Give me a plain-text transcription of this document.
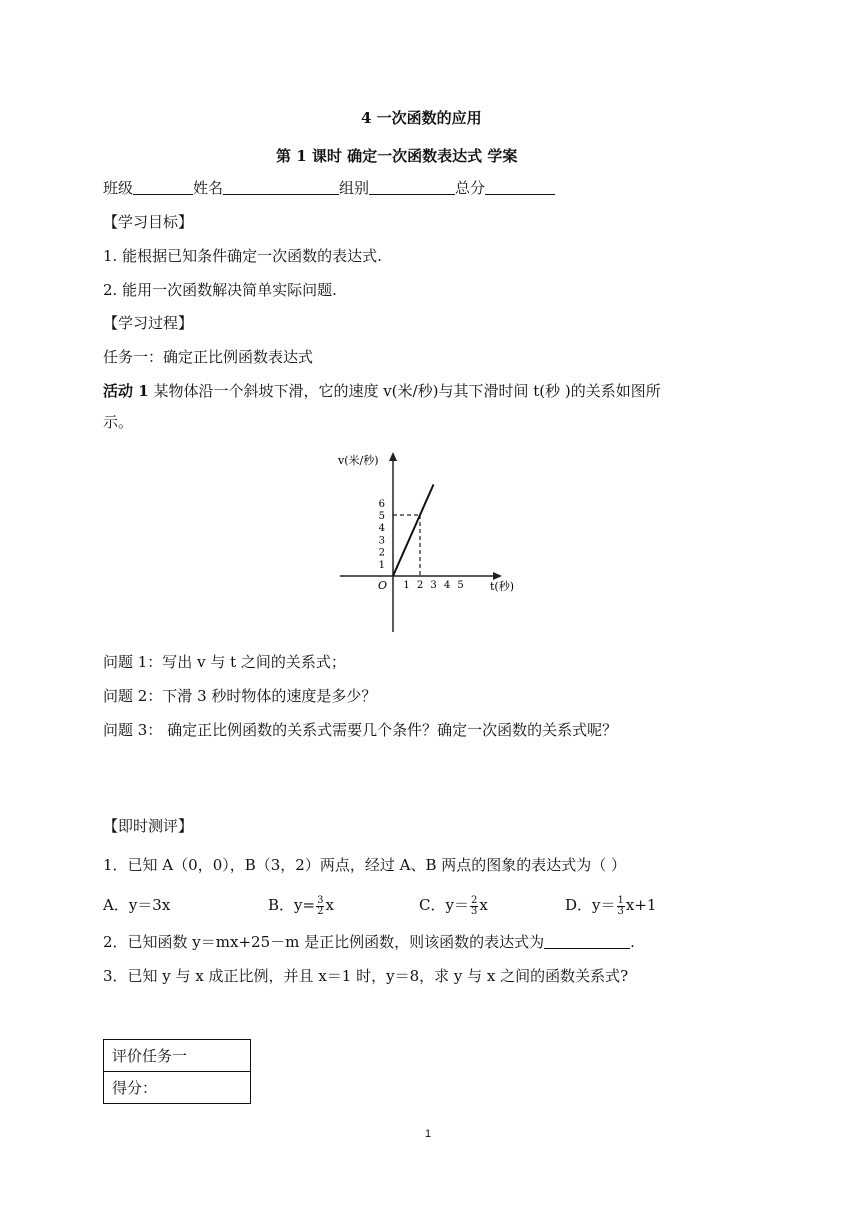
4 一次函数的应用
第 1 课时 确定一次函数表达式 学案
班级	姓名	组别	总分
【学习目标】
1. 能根据已知条件确定一次函数的表达式.
2. 能用一次函数解决简单实际问题.
【学习过程】
任务一：确定正比例函数表达式
活动 1 某物体沿一个斜坡下滑，它的速度 v(米/秒)与其下滑时间 t(秒 )的关系如图所
示。
v(米/秒)
t(秒)
O
1
2
3
4
5
6
1 2 3 4 5
问题 1：写出 v 与 t 之间的关系式；
问题 2：下滑 3 秒时物体的速度是多少？
问题 3： 确定正比例函数的关系式需要几个条件？确定一次函数的关系式呢？
【即时测评】
1．已知 A（0，0），B（3，2）两点，经过 A、B 两点的图象的表达式为（ ）
A．y＝3x	B．$y= \frac{3}{2}$ x	C．$y= \frac{2}{3}$ x	D．$y= \frac{1}{3} x+1$
2．已知函数 y＝mx+25－m 是正比例函数，则该函数的表达式为	.
3．已知 y 与 x 成正比例，并且 x＝1 时，y＝8，求 y 与 x 之间的函数关系式?
评价任务一
得分：
1
